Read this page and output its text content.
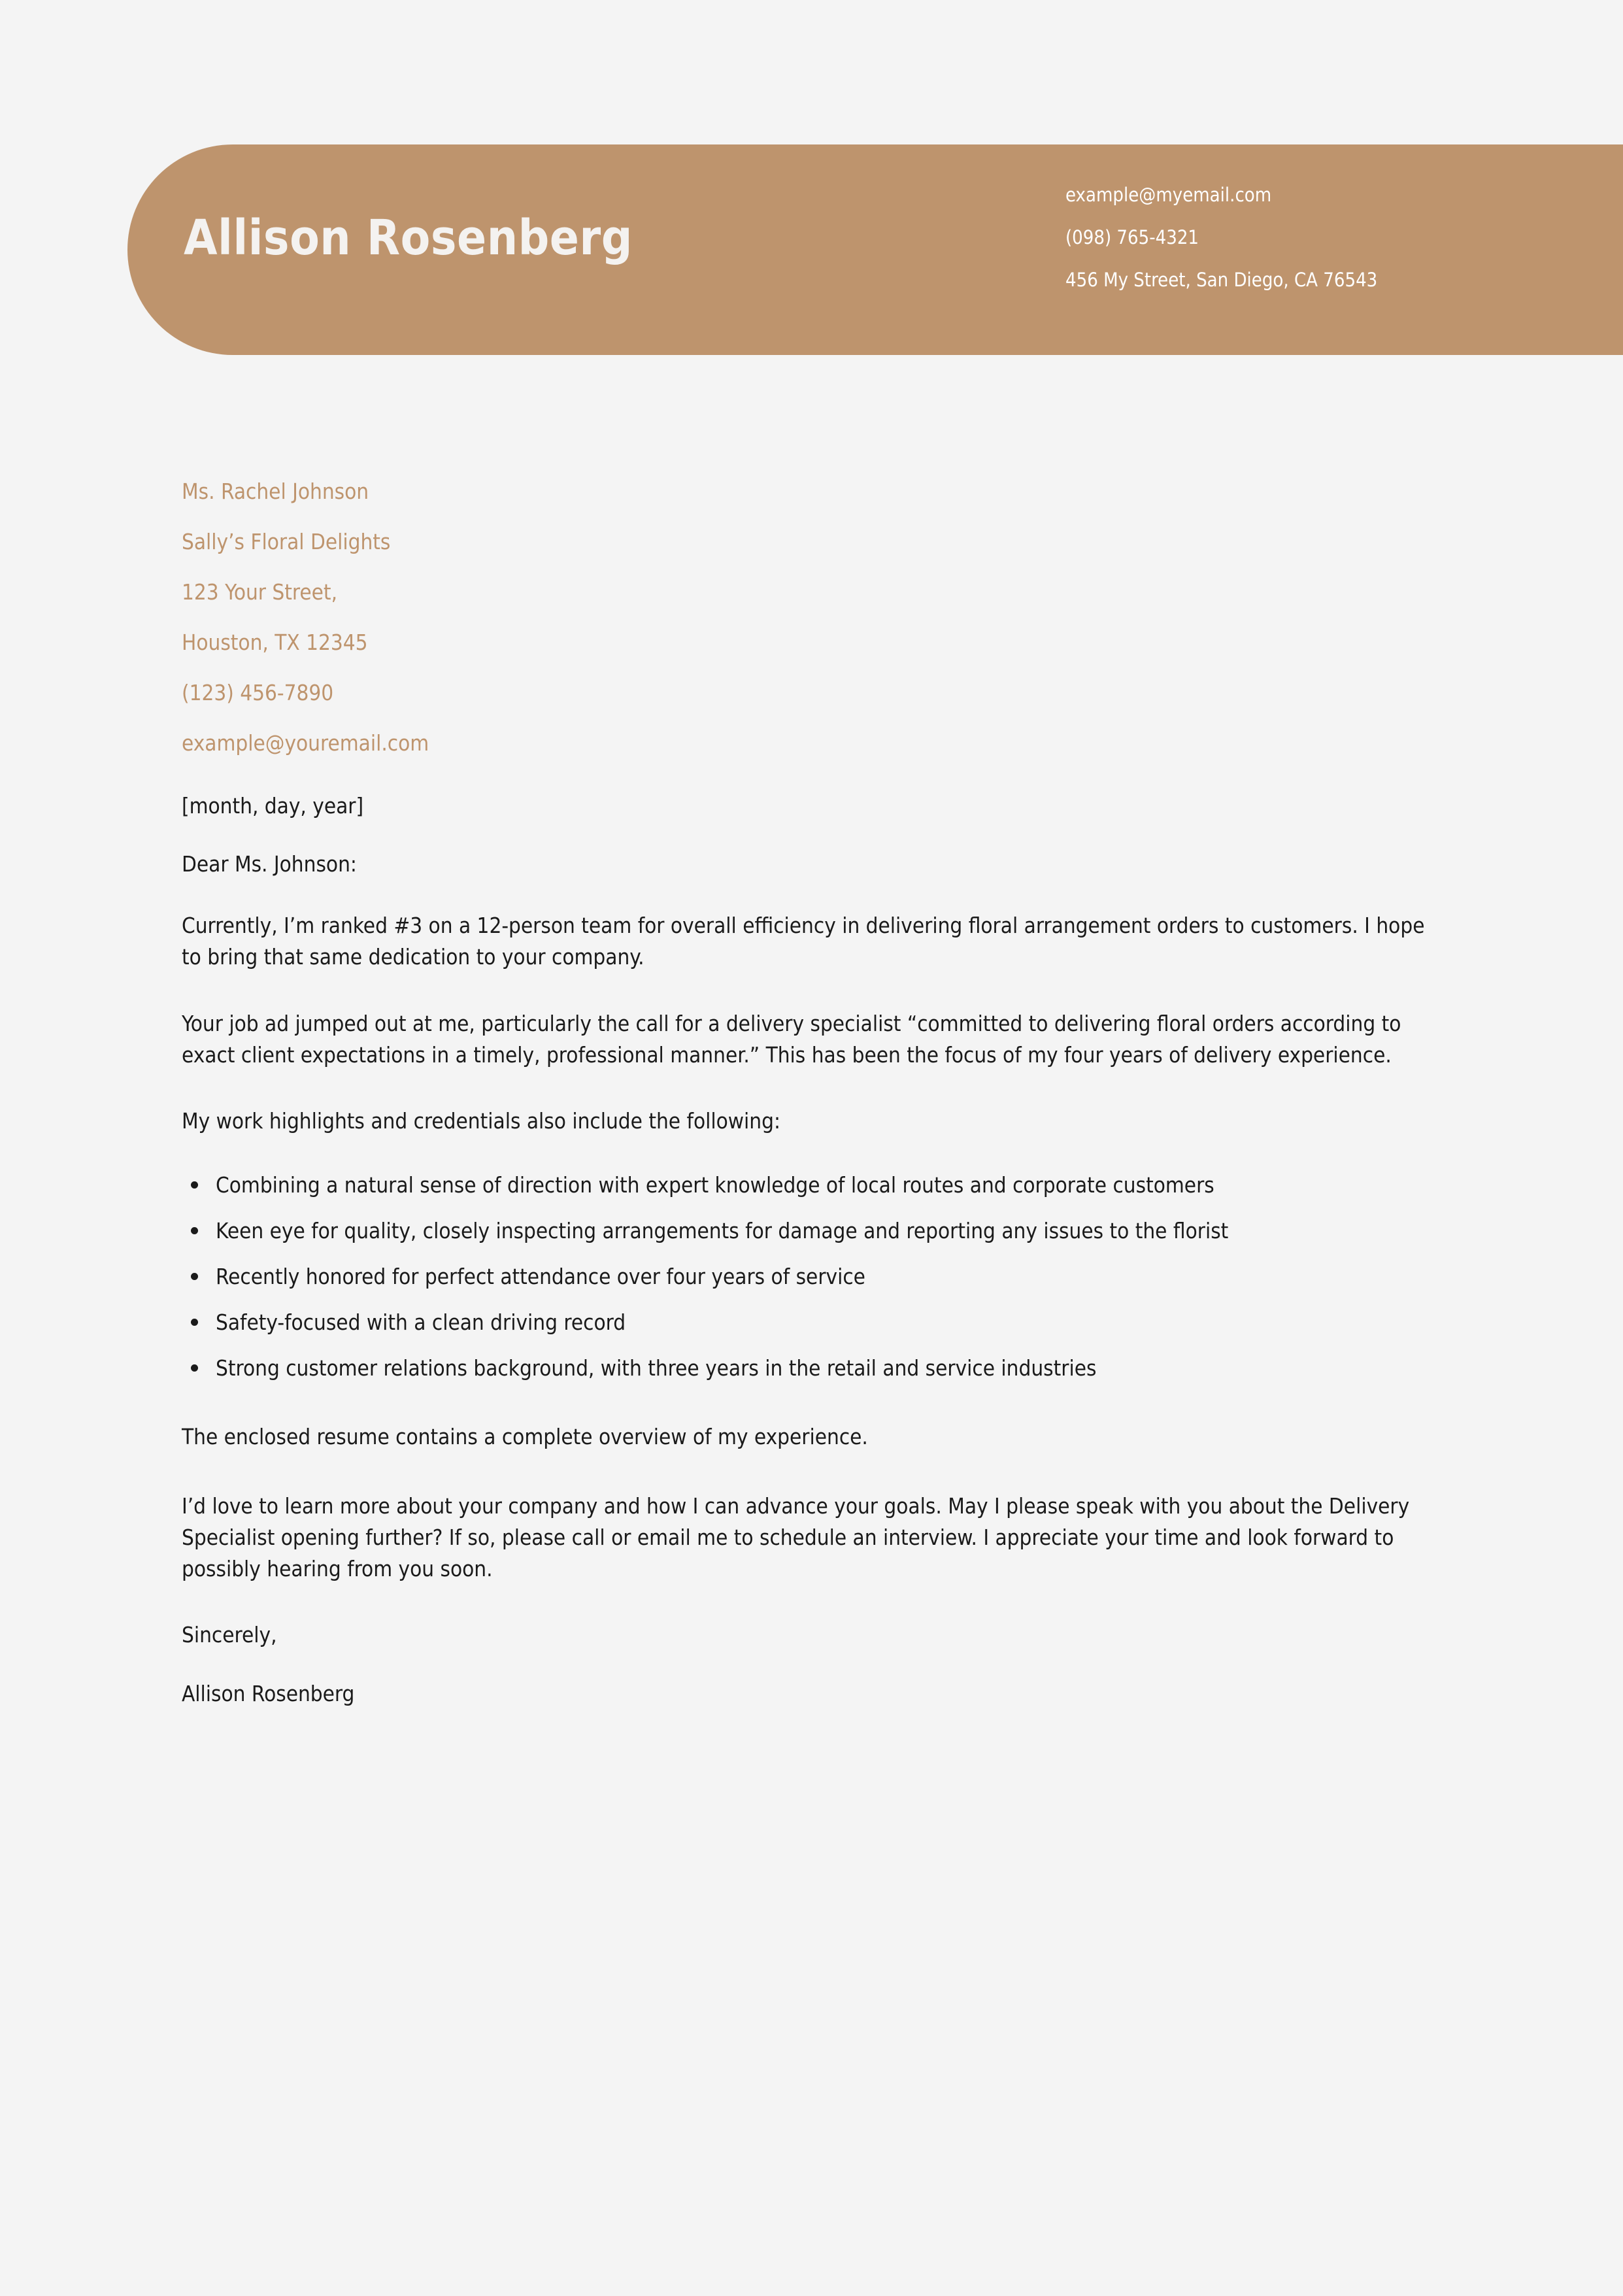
Allison Rosenberg
example@myemail.com
(098) 765-4321
456 My Street, San Diego, CA 76543
Ms. Rachel Johnson
Sally’s Floral Delights
123 Your Street,
Houston, TX 12345
(123) 456-7890
example@youremail.com
[month, day, year]
Dear Ms. Johnson:

Currently, I’m ranked #3 on a 12-person team for overall efficiency in delivering floral arrangement orders to customers. I hope to bring that same dedication to your company.

Your job ad jumped out at me, particularly the call for a delivery specialist “committed to delivering floral orders according to exact client expectations in a timely, professional manner.” This has been the focus of my four years of delivery experience.

My work highlights and credentials also include the following:

Combining a natural sense of direction with expert knowledge of local routes and corporate customers
Keen eye for quality, closely inspecting arrangements for damage and reporting any issues to the florist
Recently honored for perfect attendance over four years of service
Safety-focused with a clean driving record
Strong customer relations background, with three years in the retail and service industries

The enclosed resume contains a complete overview of my experience.

I’d love to learn more about your company and how I can advance your goals. May I please speak with you about the Delivery Specialist opening further? If so, please call or email me to schedule an interview. I appreciate your time and look forward to possibly hearing from you soon.

Sincerely,
Allison Rosenberg
